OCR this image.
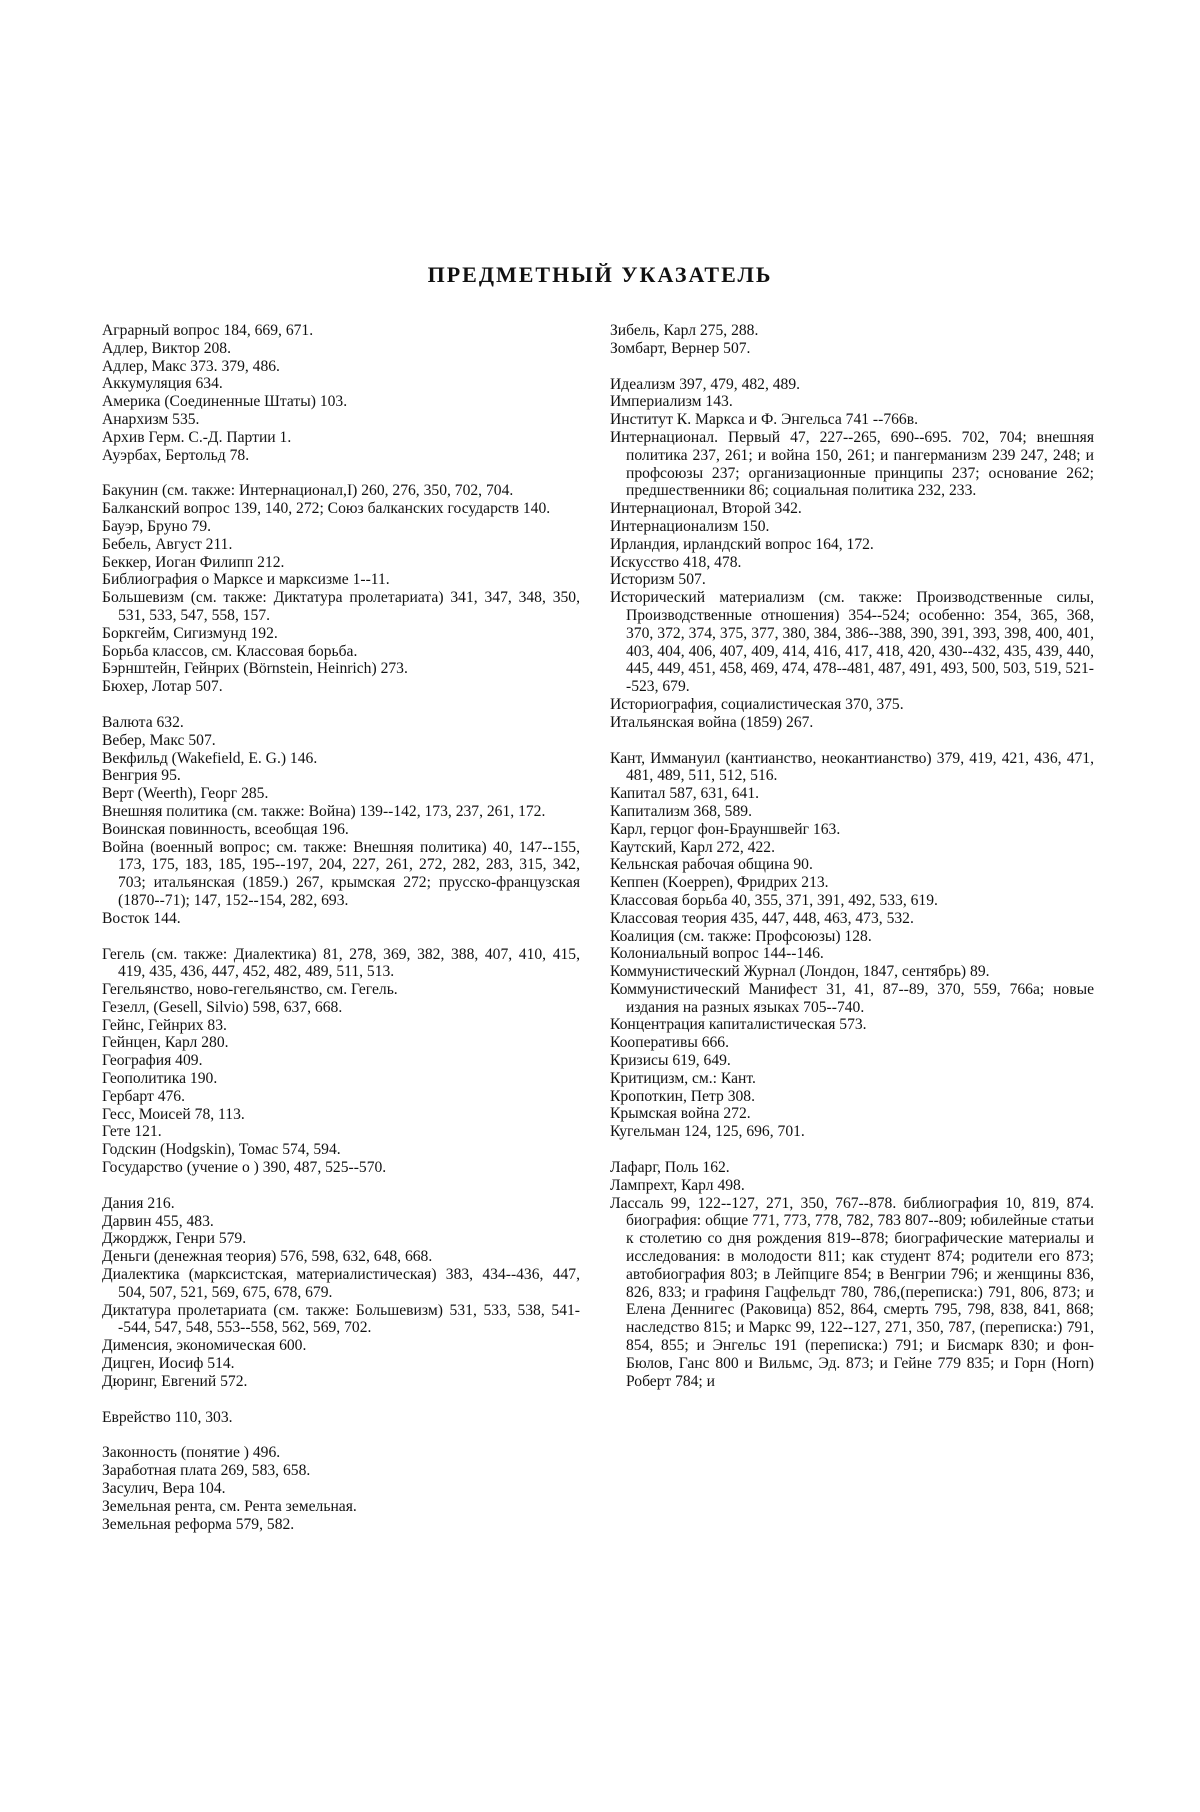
ПРЕДМЕТНЫЙ УКАЗАТЕЛЬ

Аграрный вопрос 184, 669, 671.

Адлер, Виктор 208.

Адлер, Макс 373. 379, 486.

Аккумуляция 634.

Америка (Соединенные Штаты) 103.

Анархизм 535.

Архив Герм. С.-Д. Партии 1.

Ауэрбах, Бертольд 78.

Бакунин (см. также: Интернационал,I) 260, 276, 350, 702, 704.

Балканский вопрос 139, 140, 272; Союз балканских государств 140.

Бауэр, Бруно 79.

Бебель, Август 211.

Беккер, Иоган Филипп 212.

Библиография о Марксе и марксизме 1--11.

Большевизм (см. также: Диктатура пролетариата) 341, 347, 348, 350, 531, 533, 547, 558, 157.

Боркгейм, Сигизмунд 192.

Борьба классов, см. Классовая борьба.

Бэрнштейн, Гейнрих (Börnstein, Heinrich) 273.

Бюхер, Лотар 507.

Валюта 632.

Вебер, Макс 507.

Векфильд (Wakefield, E. G.) 146.

Венгрия 95.

Верт (Weerth), Георг 285.

Внешняя политика (см. также: Война) 139--142, 173, 237, 261, 172.

Воинская повинность, всеобщая 196.

Война (военный вопрос; см. также: Внешняя политика) 40, 147--155, 173, 175, 183, 185, 195--197, 204, 227, 261, 272, 282, 283, 315, 342, 703; итальянская (1859.) 267, крымская 272; прусско-французская (1870--71); 147, 152--154, 282, 693.

Восток 144.

Гегель (см. также: Диалектика) 81, 278, 369, 382, 388, 407, 410, 415, 419, 435, 436, 447, 452, 482, 489, 511, 513.

Гегельянство, ново-гегельянство, см. Гегель.

Гезелл, (Gesell, Silvio) 598, 637, 668.

Гейнс, Гейнрих 83.

Гейнцен, Карл 280.

География 409.

Геополитика 190.

Гербарт 476.

Гесс, Моисей 78, 113.

Гете 121.

Годскин (Hodgskin), Томас 574, 594.

Государство (учение о ) 390, 487, 525--570.

Дания 216.

Дарвин 455, 483.

Джорджж, Генри 579.

Деньги (денежная теория) 576, 598, 632, 648, 668.

Диалектика (марксистская, материалистическая) 383, 434--436, 447, 504, 507, 521, 569, 675, 678, 679.

Диктатура пролетариата (см. также: Большевизм) 531, 533, 538, 541--544, 547, 548, 553--558, 562, 569, 702.

Дименсия, экономическая 600.

Дицген, Иосиф 514.

Дюринг, Евгений 572.

Еврейство 110, 303.

Законность (понятие ) 496.

Заработная плата 269, 583, 658.

Засулич, Вера 104.

Земельная рента, см. Рента земельная.

Земельная реформа 579, 582.

Зибель, Карл 275, 288.

Зомбарт, Вернер 507.

Идеализм 397, 479, 482, 489.

Империализм 143.

Институт К. Маркса и Ф. Энгельса 741 --766в.

Интернационал. Первый 47, 227--265, 690--695. 702, 704; внешняя политика 237, 261; и война 150, 261; и пангерманизм 239 247, 248; и профсоюзы 237; организационные принципы 237; основание 262; предшественники 86; социальная политика 232, 233.

Интернационал, Второй 342.

Интернационализм 150.

Ирландия, ирландский вопрос 164, 172.

Искусство 418, 478.

Историзм 507.

Исторический материализм (см. также: Производственные силы, Производственные отношения) 354--524; особенно: 354, 365, 368, 370, 372, 374, 375, 377, 380, 384, 386--388, 390, 391, 393, 398, 400, 401, 403, 404, 406, 407, 409, 414, 416, 417, 418, 420, 430--432, 435, 439, 440, 445, 449, 451, 458, 469, 474, 478--481, 487, 491, 493, 500, 503, 519, 521--523, 679.

Историография, социалистическая 370, 375.

Итальянская война (1859) 267.

Кант, Иммануил (кантианство, неокантианство) 379, 419, 421, 436, 471, 481, 489, 511, 512, 516.

Капитал 587, 631, 641.

Капитализм 368, 589.

Карл, герцог фон-Брауншвейг 163.

Каутский, Карл 272, 422.

Кельнская рабочая община 90.

Кеппен (Koeppen), Фридрих 213.

Классовая борьба 40, 355, 371, 391, 492, 533, 619.

Классовая теория 435, 447, 448, 463, 473, 532.

Коалиция (см. также: Профсоюзы) 128.

Колониальный вопрос 144--146.

Коммунистический Журнал (Лондон, 1847, сентябрь) 89.

Коммунистический Манифест 31, 41, 87--89, 370, 559, 766а; новые издания на разных языках 705--740.

Концентрация капиталистическая 573.

Кооперативы 666.

Кризисы 619, 649.

Критицизм, см.: Кант.

Кропоткин, Петр 308.

Крымская война 272.

Кугельман 124, 125, 696, 701.

Лафарг, Поль 162.

Лампрехт, Карл 498.

Лассаль 99, 122--127, 271, 350, 767--878. библиография 10, 819, 874. биография: общие 771, 773, 778, 782, 783 807--809; юбилейные статьи к столетию со дня рождения 819--878; биографические материалы и исследования: в молодости 811; как студент 874; родители его 873; автобиография 803; в Лейпциге 854; в Венгрии 796; и женщины 836, 826, 833; и графиня Гацфельдт 780, 786,(переписка:) 791, 806, 873; и Елена Деннигес (Раковица) 852, 864, смерть 795, 798, 838, 841, 868; наследство 815; и Маркс 99, 122--127, 271, 350, 787, (переписка:) 791, 854, 855; и Энгельс 191 (переписка:) 791; и Бисмарк 830; и фон-Бюлов, Ганс 800 и Вильмс, Эд. 873; и Гейне 779 835; и Горн (Horn) Роберт 784; и
